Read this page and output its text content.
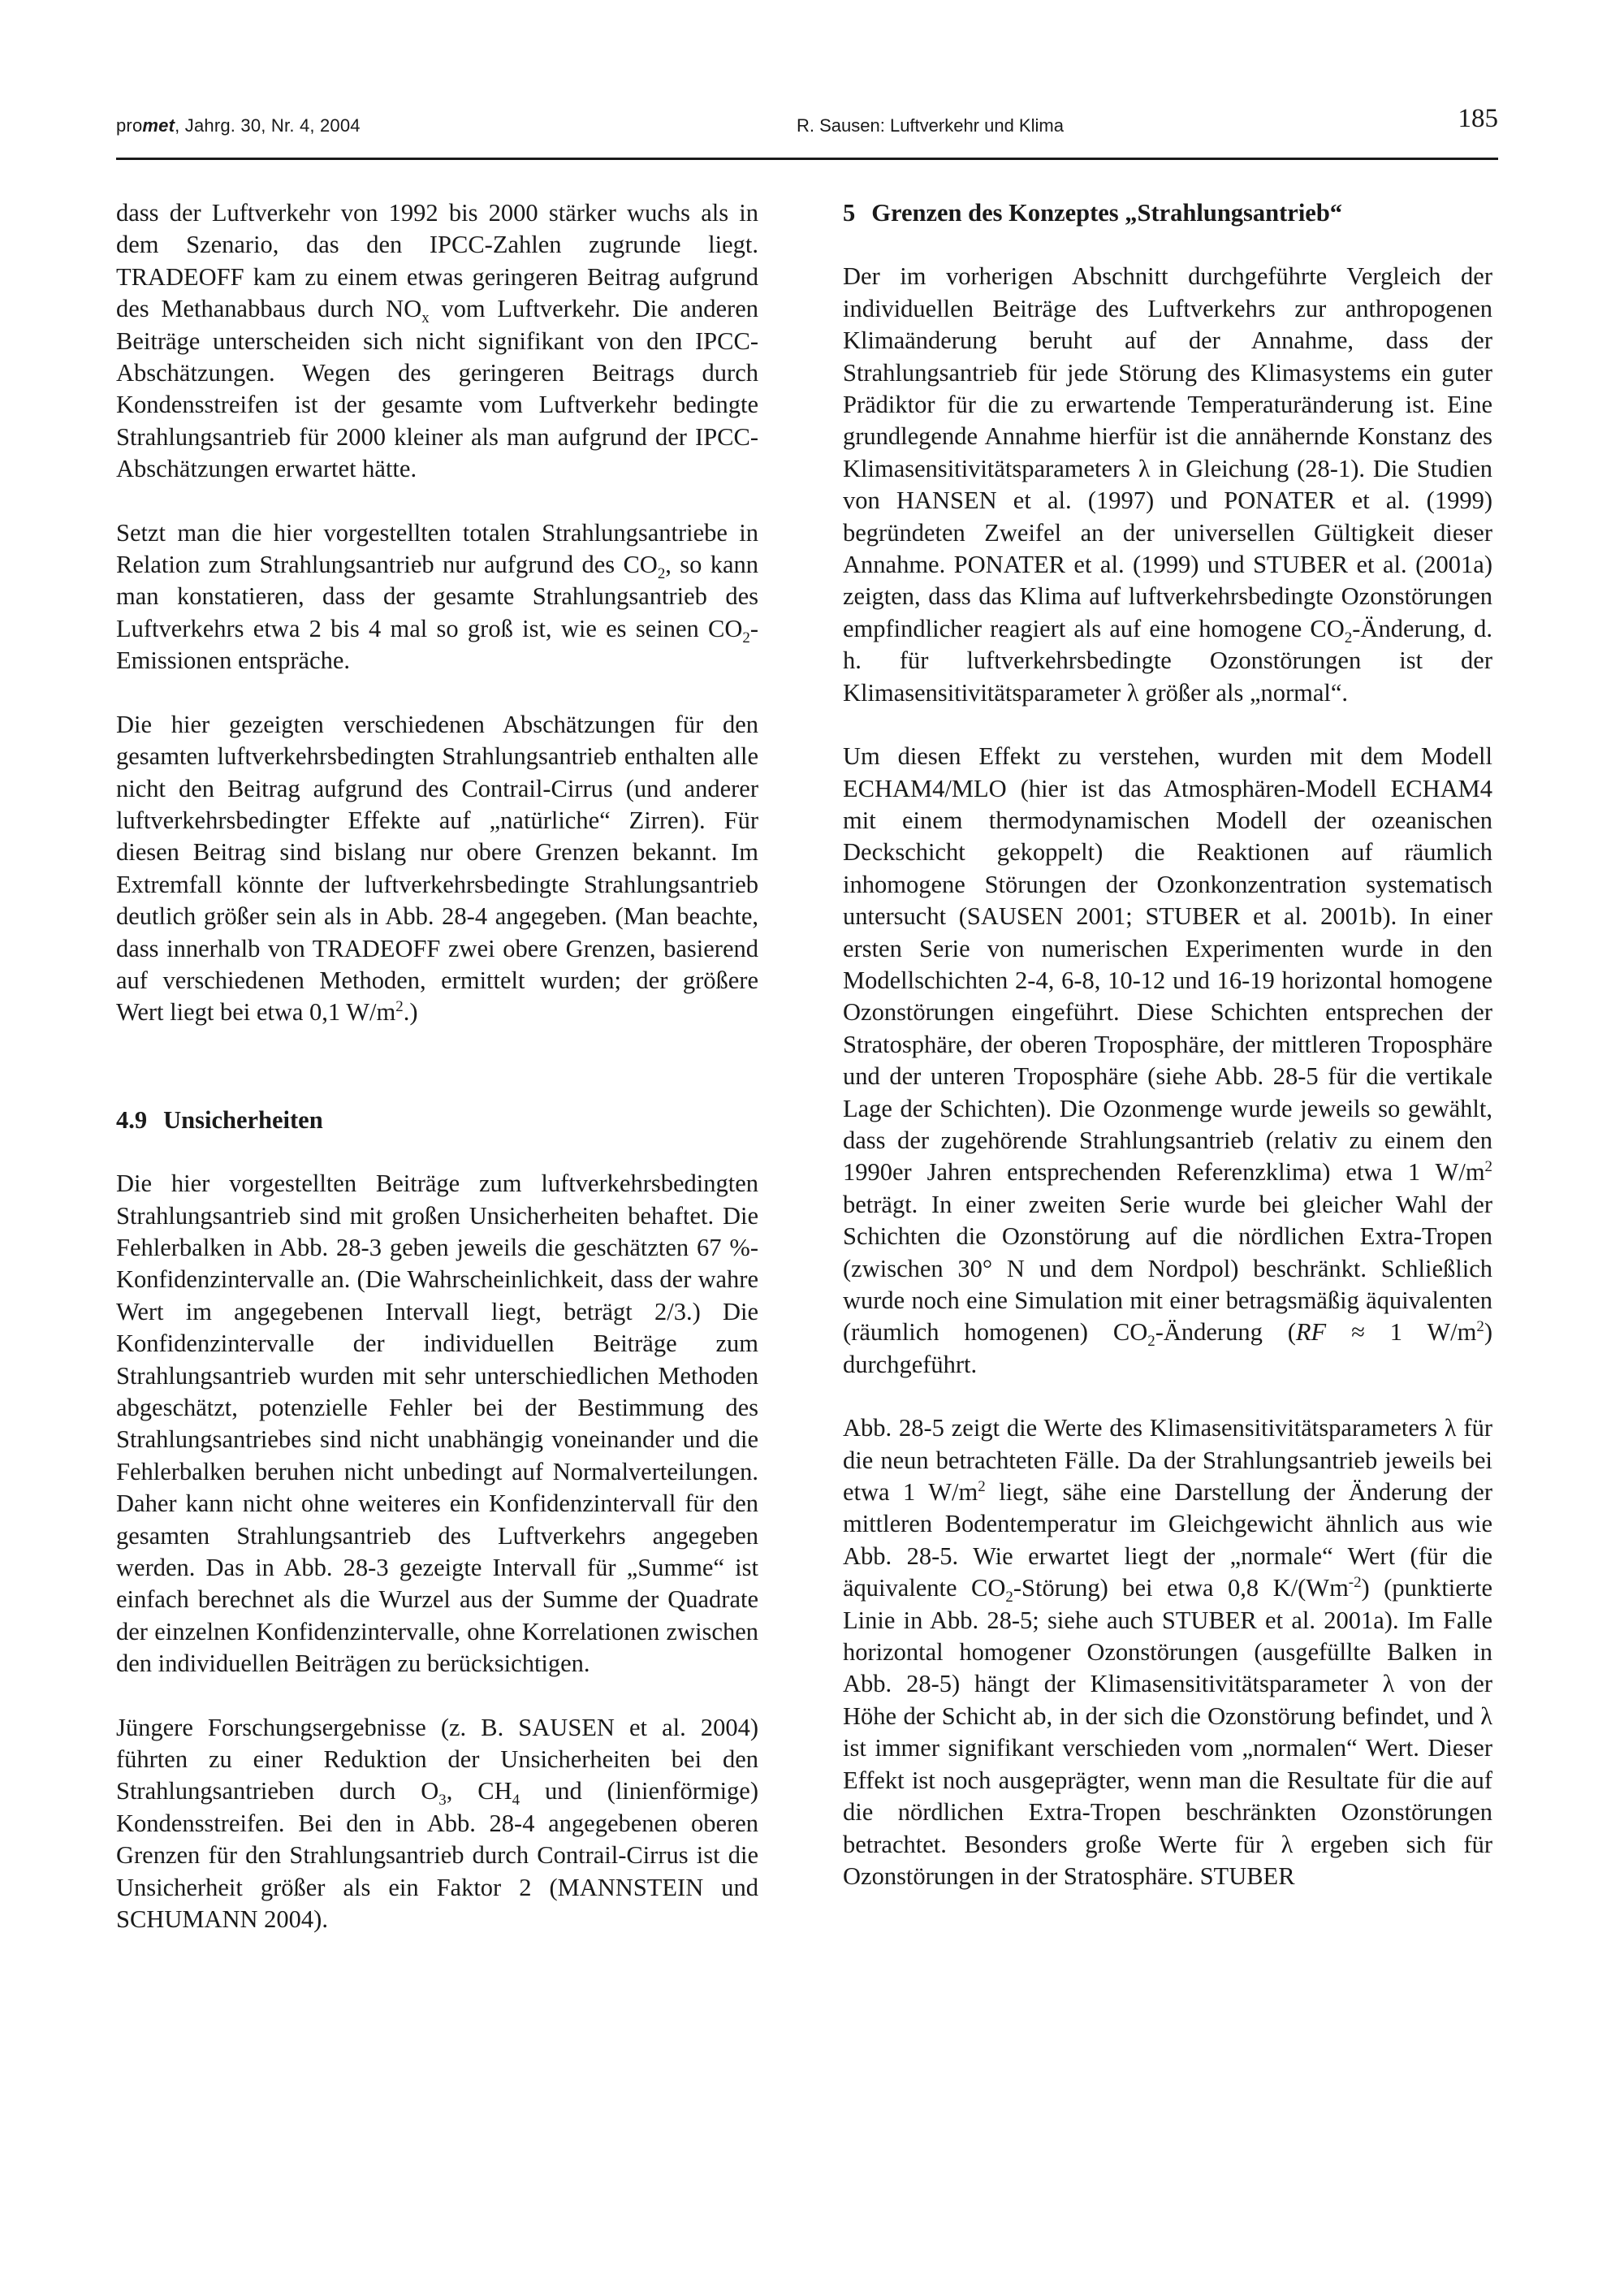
promet, Jahrg. 30, Nr. 4, 2004	R. Sausen: Luftverkehr und Klima	185

dass der Luftverkehr von 1992 bis 2000 stärker wuchs als in dem Szenario, das den IPCC-Zahlen zugrunde liegt. TRADEOFF kam zu einem etwas geringeren Beitrag aufgrund des Methanabbaus durch $NO_x$ vom Luftverkehr. Die anderen Beiträge unterscheiden sich nicht signifikant von den IPCC-Abschätzungen. Wegen des geringeren Beitrags durch Kondensstreifen ist der gesamte vom Luftverkehr bedingte Strahlungsantrieb für 2000 kleiner als man aufgrund der IPCC-Abschätzungen erwartet hätte.

Setzt man die hier vorgestellten totalen Strahlungsantriebe in Relation zum Strahlungsantrieb nur aufgrund des $CO_2$, so kann man konstatieren, dass der gesamte Strahlungsantrieb des Luftverkehrs etwa 2 bis 4 mal so groß ist, wie es seinen $CO_2$-Emissionen entspräche.

Die hier gezeigten verschiedenen Abschätzungen für den gesamten luftverkehrsbedingten Strahlungsantrieb enthalten alle nicht den Beitrag aufgrund des Contrail-Cirrus (und anderer luftverkehrsbedingter Effekte auf „natürliche“ Zirren). Für diesen Beitrag sind bislang nur obere Grenzen bekannt. Im Extremfall könnte der luftverkehrsbedingte Strahlungsantrieb deutlich größer sein als in Abb. 28-4 angegeben. (Man beachte, dass innerhalb von TRADEOFF zwei obere Grenzen, basierend auf verschiedenen Methoden, ermittelt wurden; der größere Wert liegt bei etwa 0,1 $W/m^2$.)

4.9 Unsicherheiten

Die hier vorgestellten Beiträge zum luftverkehrsbedingten Strahlungsantrieb sind mit großen Unsicherheiten behaftet. Die Fehlerbalken in Abb. 28-3 geben jeweils die geschätzten 67 %-Konfidenzintervalle an. (Die Wahrscheinlichkeit, dass der wahre Wert im angegebenen Intervall liegt, beträgt 2/3.) Die Konfidenzintervalle der individuellen Beiträge zum Strahlungsantrieb wurden mit sehr unterschiedlichen Methoden abgeschätzt, potenzielle Fehler bei der Bestimmung des Strahlungsantriebes sind nicht unabhängig voneinander und die Fehlerbalken beruhen nicht unbedingt auf Normalverteilungen. Daher kann nicht ohne weiteres ein Konfidenzintervall für den gesamten Strahlungsantrieb des Luftverkehrs angegeben werden. Das in Abb. 28-3 gezeigte Intervall für „Summe“ ist einfach berechnet als die Wurzel aus der Summe der Quadrate der einzelnen Konfidenzintervalle, ohne Korrelationen zwischen den individuellen Beiträgen zu berücksichtigen.

Jüngere Forschungsergebnisse (z. B. SAUSEN et al. 2004) führten zu einer Reduktion der Unsicherheiten bei den Strahlungsantrieben durch $O_3$, $CH_4$ und (linienförmige) Kondensstreifen. Bei den in Abb. 28-4 angegebenen oberen Grenzen für den Strahlungsantrieb durch Contrail-Cirrus ist die Unsicherheit größer als ein Faktor 2 (MANNSTEIN und SCHUMANN 2004).

5 Grenzen des Konzeptes „Strahlungsantrieb“

Der im vorherigen Abschnitt durchgeführte Vergleich der individuellen Beiträge des Luftverkehrs zur anthropogenen Klimaänderung beruht auf der Annahme, dass der Strahlungsantrieb für jede Störung des Klimasystems ein guter Prädiktor für die zu erwartende Temperaturänderung ist. Eine grundlegende Annahme hierfür ist die annähernde Konstanz des Klimasensitivitätsparameters λ in Gleichung (28-1). Die Studien von HANSEN et al. (1997) und PONATER et al. (1999) begründeten Zweifel an der universellen Gültigkeit dieser Annahme. PONATER et al. (1999) und STUBER et al. (2001a) zeigten, dass das Klima auf luftverkehrsbedingte Ozonstörungen empfindlicher reagiert als auf eine homogene $CO_2$-Änderung, d. h. für luftverkehrsbedingte Ozonstörungen ist der Klimasensitivitätsparameter λ größer als „normal“.

Um diesen Effekt zu verstehen, wurden mit dem Modell ECHAM4/MLO (hier ist das Atmosphären-Modell ECHAM4 mit einem thermodynamischen Modell der ozeanischen Deckschicht gekoppelt) die Reaktionen auf räumlich inhomogene Störungen der Ozonkonzentration systematisch untersucht (SAUSEN 2001; STUBER et al. 2001b). In einer ersten Serie von numerischen Experimenten wurde in den Modellschichten 2-4, 6-8, 10-12 und 16-19 horizontal homogene Ozonstörungen eingeführt. Diese Schichten entsprechen der Stratosphäre, der oberen Troposphäre, der mittleren Troposphäre und der unteren Troposphäre (siehe Abb. 28-5 für die vertikale Lage der Schichten). Die Ozonmenge wurde jeweils so gewählt, dass der zugehörende Strahlungsantrieb (relativ zu einem den 1990er Jahren entsprechenden Referenzklima) etwa 1 $W/m^2$ beträgt. In einer zweiten Serie wurde bei gleicher Wahl der Schichten die Ozonstörung auf die nördlichen Extra-Tropen (zwischen 30° N und dem Nordpol) beschränkt. Schließlich wurde noch eine Simulation mit einer betragsmäßig äquivalenten (räumlich homogenen) $CO_2$-Änderung (RF ≈ 1 $W/m^2$) durchgeführt.

Abb. 28-5 zeigt die Werte des Klimasensitivitätsparameters λ für die neun betrachteten Fälle. Da der Strahlungsantrieb jeweils bei etwa 1 $W/m^2$ liegt, sähe eine Darstellung der Änderung der mittleren Bodentemperatur im Gleichgewicht ähnlich aus wie Abb. 28-5. Wie erwartet liegt der „normale“ Wert (für die äquivalente $CO_2-Störung$) bei etwa 0,8 $K/(Wm^{-2})$ (punktierte Linie in Abb. 28-5; siehe auch STUBER et al. 2001a). Im Falle horizontal homogener Ozonstörungen (ausgefüllte Balken in Abb. 28-5) hängt der Klimasensitivitätsparameter λ von der Höhe der Schicht ab, in der sich die Ozonstörung befindet, und λ ist immer signifikant verschieden vom „normalen“ Wert. Dieser Effekt ist noch ausgeprägter, wenn man die Resultate für die auf die nördlichen Extra-Tropen beschränkten Ozonstörungen betrachtet. Besonders große Werte für λ ergeben sich für Ozonstörungen in der Stratosphäre. STUBER
